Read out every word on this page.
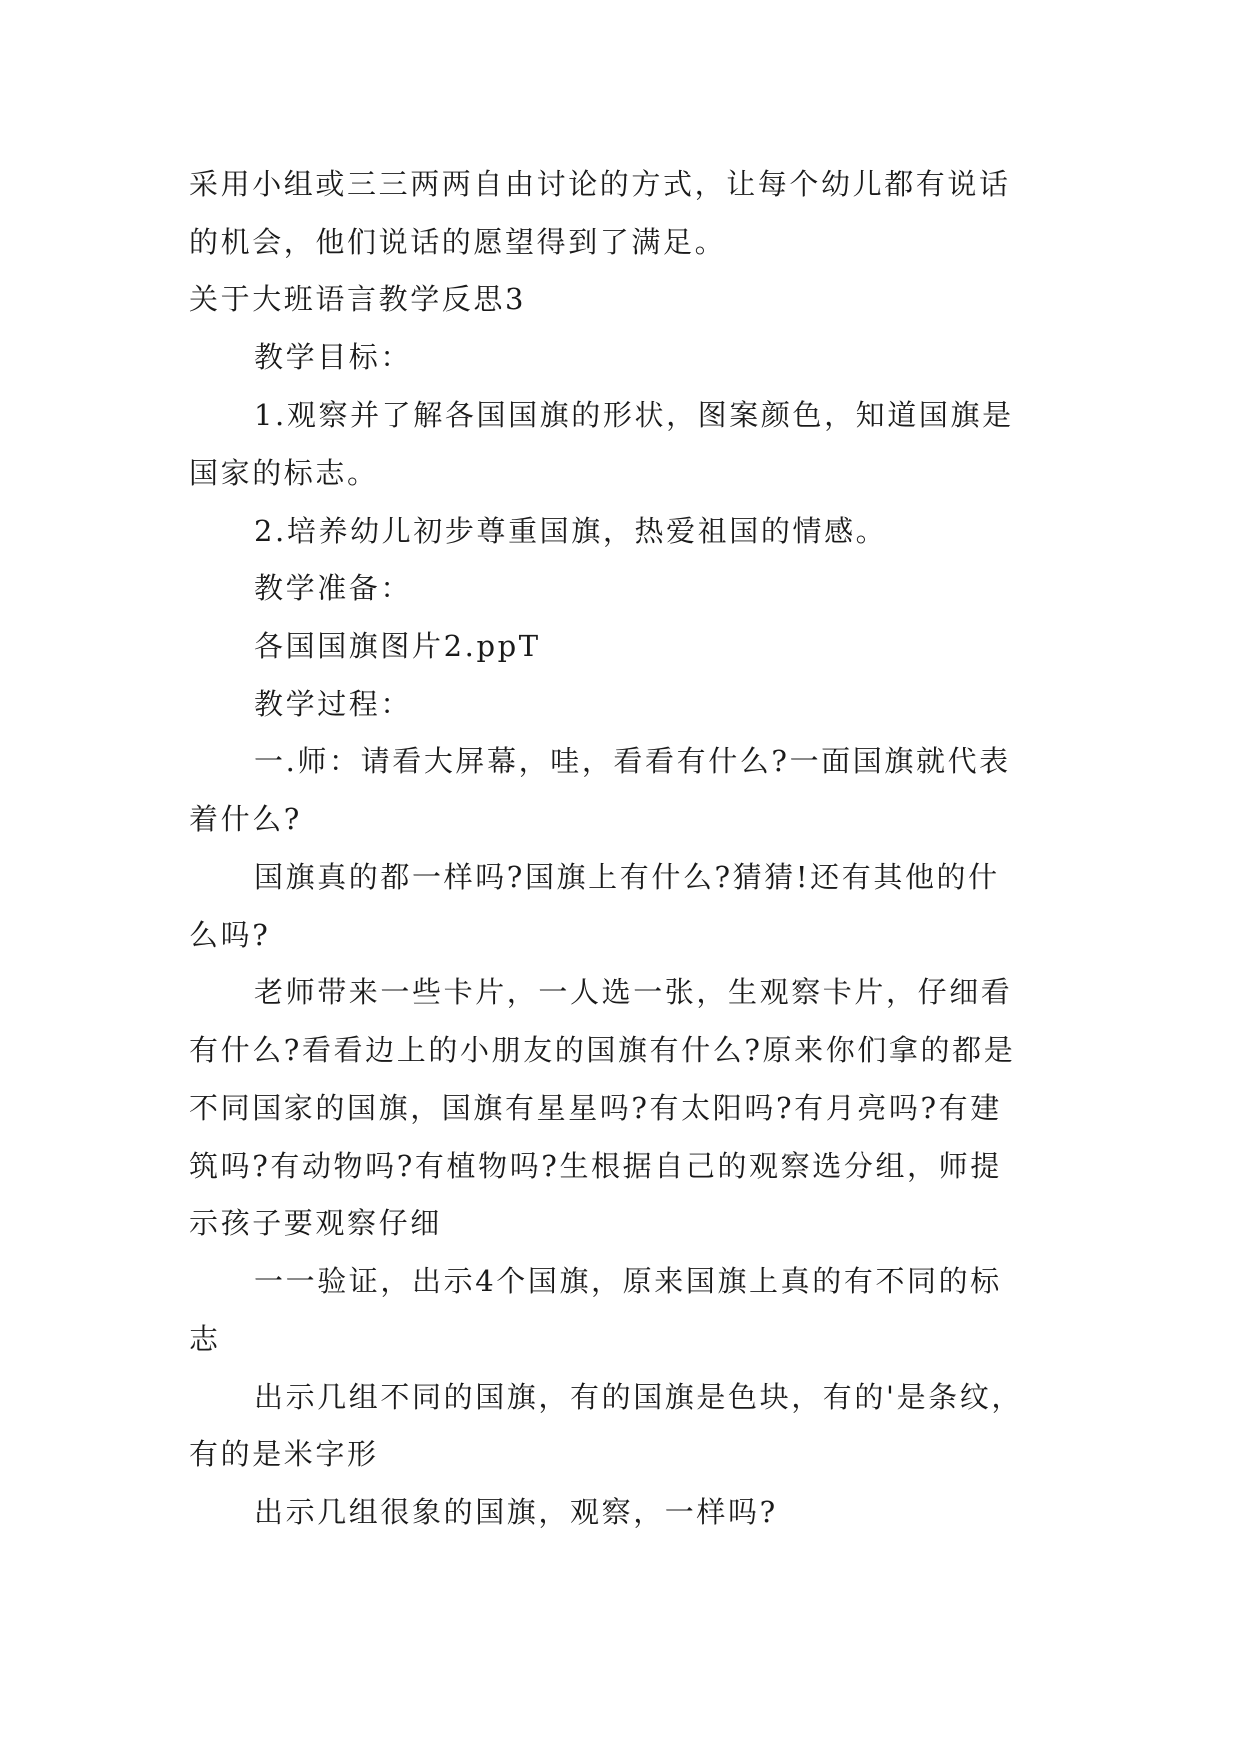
采用小组或三三两两自由讨论的方式，让每个幼儿都有说话
的机会，他们说话的愿望得到了满足。
关于大班语言教学反思3
教学目标：
1.观察并了解各国国旗的形状，图案颜色，知道国旗是
国家的标志。
2.培养幼儿初步尊重国旗，热爱祖国的情感。
教学准备：
各国国旗图片2.ppT
教学过程：
一.师：请看大屏幕，哇，看看有什么?一面国旗就代表
着什么?
国旗真的都一样吗?国旗上有什么?猜猜!还有其他的什
么吗?
老师带来一些卡片，一人选一张，生观察卡片，仔细看
有什么?看看边上的小朋友的国旗有什么?原来你们拿的都是
不同国家的国旗，国旗有星星吗?有太阳吗?有月亮吗?有建
筑吗?有动物吗?有植物吗?生根据自己的观察选分组，师提
示孩子要观察仔细
一一验证，出示4个国旗，原来国旗上真的有不同的标
志
出示几组不同的国旗，有的国旗是色块，有的'是条纹，
有的是米字形
出示几组很象的国旗，观察，一样吗?
